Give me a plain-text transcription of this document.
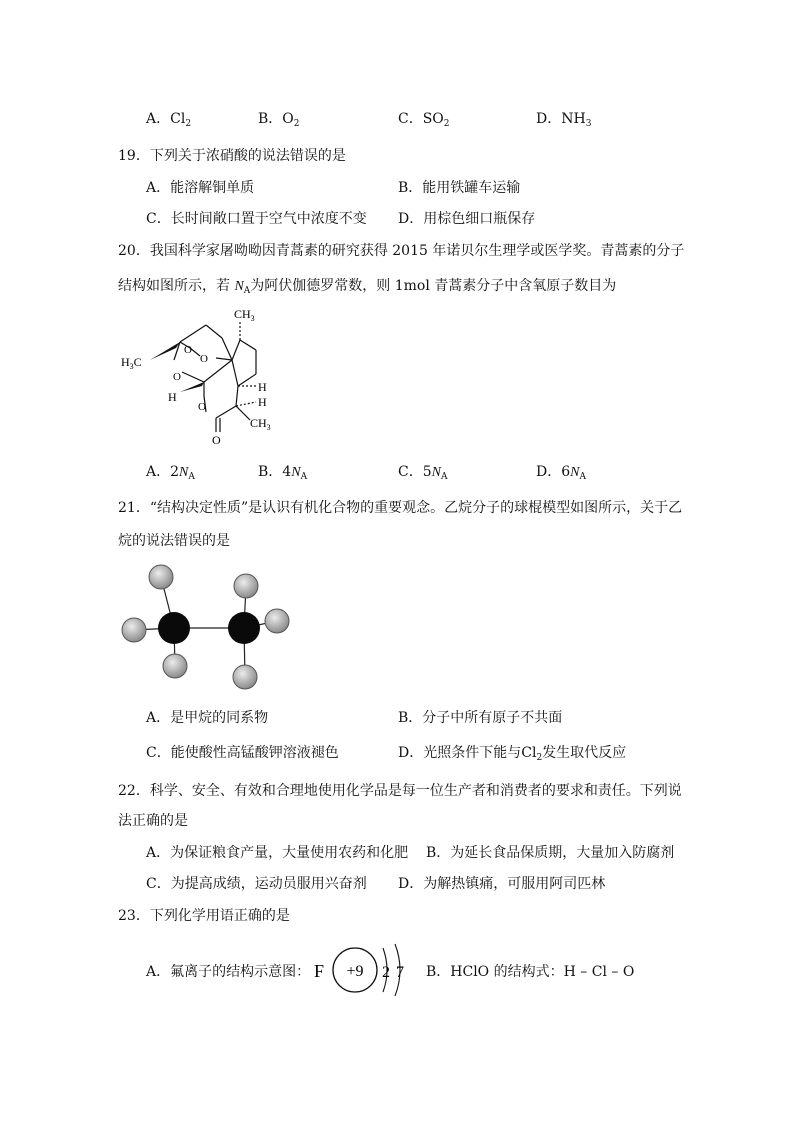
A．$Cl_2$	B．$O_2$	C．$SO_2$	D．$NH_3$
19．下列关于浓硝酸的说法错误的是
A．能溶解铜单质	B．能用铁罐车运输
C．长时间敞口置于空气中浓度不变 D．用棕色细口瓶保存
20．我国科学家屠呦呦因青蒿素的研究获得 2015 年诺贝尔生理学或医学奖。青蒿素的分子
结构如图所示，若 $N_A$为阿伏伽德罗常数，则 1mol 青蒿素分子中含氧原子数目为
$CH_3$
$H_3C$
O
O
O
O
O
H
H
H
$CH_3$
A．$2N_A$	B．$4N_A$	C．$5N_A$	D．$6N_A$
21．“结构决定性质”是认识有机化合物的重要观念。乙烷分子的球棍模型如图所示，关于乙
烷的说法错误的是
A．是甲烷的同系物	B．分子中所有原子不共面
C．能使酸性高锰酸钾溶液褪色	D．光照条件下能与$Cl_2$发生取代反应
22．科学、安全、有效和合理地使用化学品是每一位生产者和消费者的要求和责任。下列说
法正确的是
A．为保证粮食产量，大量使用农药和化肥 B．为延长食品保质期，大量加入防腐剂
C．为提高成绩，运动员服用兴奋剂 D．为解热镇痛，可服用阿司匹林
23．下列化学用语正确的是
A．氟离子的结构示意图： F +9 2 7 B．HClO 的结构式：H – Cl – O
